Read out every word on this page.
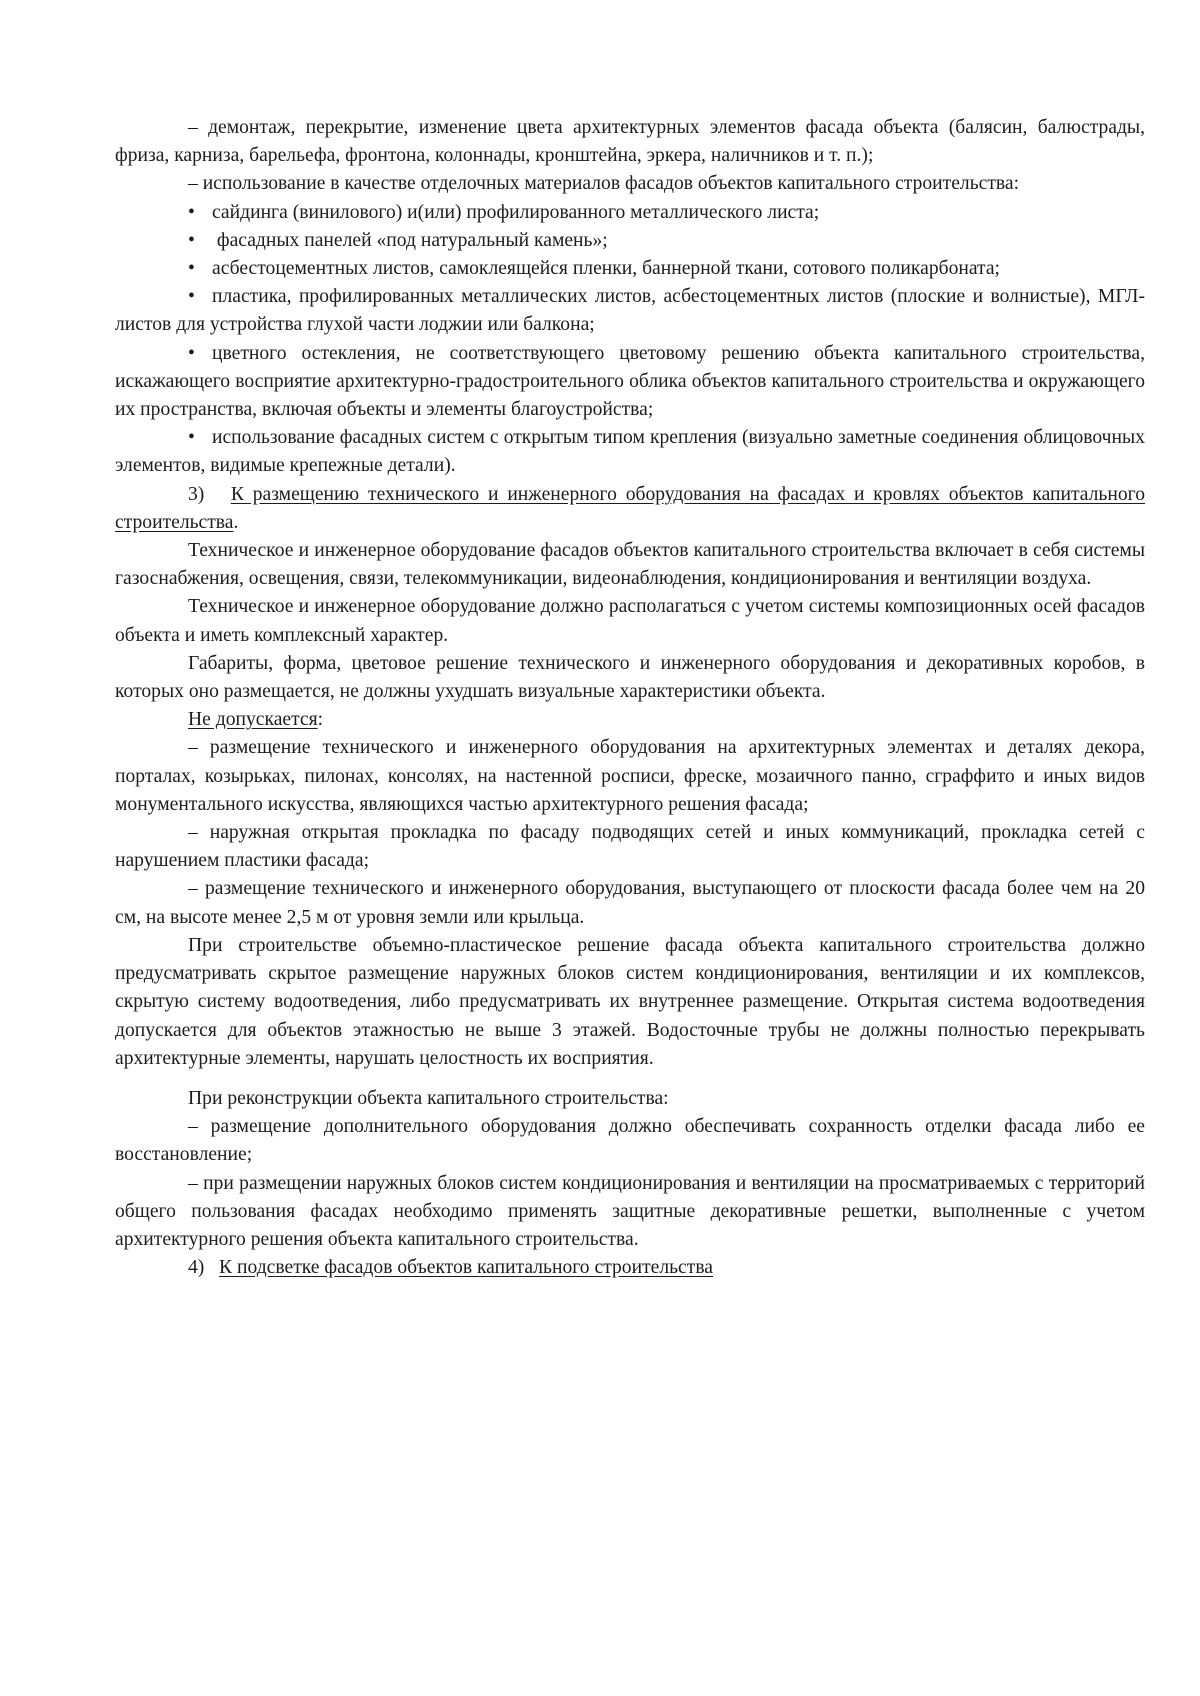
– демонтаж, перекрытие, изменение цвета архитектурных элементов фасада объекта (балясин, балюстрады, фриза, карниза, барельефа, фронтона, колоннады, кронштейна, эркера, наличников и т. п.);

– использование в качестве отделочных материалов фасадов объектов капитального строительства:

• сайдинга (винилового) и(или) профилированного металлического листа;

• фасадных панелей «под натуральный камень»;

• асбестоцементных листов, самоклеящейся пленки, баннерной ткани, сотового поликарбоната;

• пластика, профилированных металлических листов, асбестоцементных листов (плоские и волнистые), МГЛ-листов для устройства глухой части лоджии или балкона;

• цветного остекления, не соответствующего цветовому решению объекта капитального строительства, искажающего восприятие архитектурно-градостроительного облика объектов капитального строительства и окружающего их пространства, включая объекты и элементы благоустройства;

• использование фасадных систем с открытым типом крепления (визуально заметные соединения облицовочных элементов, видимые крепежные детали).

3) К размещению технического и инженерного оборудования на фасадах и кровлях объектов капитального строительства.

Техническое и инженерное оборудование фасадов объектов капитального строительства включает в себя системы газоснабжения, освещения, связи, телекоммуникации, видеонаблюдения, кондиционирования и вентиляции воздуха.

Техническое и инженерное оборудование должно располагаться с учетом системы композиционных осей фасадов объекта и иметь комплексный характер.

Габариты, форма, цветовое решение технического и инженерного оборудования и декоративных коробов, в которых оно размещается, не должны ухудшать визуальные характеристики объекта.

Не допускается:

– размещение технического и инженерного оборудования на архитектурных элементах и деталях декора, порталах, козырьках, пилонах, консолях, на настенной росписи, фреске, мозаичного панно, сграффито и иных видов монументального искусства, являющихся частью архитектурного решения фасада;

– наружная открытая прокладка по фасаду подводящих сетей и иных коммуникаций, прокладка сетей с нарушением пластики фасада;

– размещение технического и инженерного оборудования, выступающего от плоскости фасада более чем на 20 см, на высоте менее 2,5 м от уровня земли или крыльца.

При строительстве объемно-пластическое решение фасада объекта капитального строительства должно предусматривать скрытое размещение наружных блоков систем кондиционирования, вентиляции и их комплексов, скрытую систему водоотведения, либо предусматривать их внутреннее размещение. Открытая система водоотведения допускается для объектов этажностью не выше 3 этажей. Водосточные трубы не должны полностью перекрывать архитектурные элементы, нарушать целостность их восприятия.

При реконструкции объекта капитального строительства:

– размещение дополнительного оборудования должно обеспечивать сохранность отделки фасада либо ее восстановление;

– при размещении наружных блоков систем кондиционирования и вентиляции на просматриваемых с территорий общего пользования фасадах необходимо применять защитные декоративные решетки, выполненные с учетом архитектурного решения объекта капитального строительства.

4) К подсветке фасадов объектов капитального строительства
